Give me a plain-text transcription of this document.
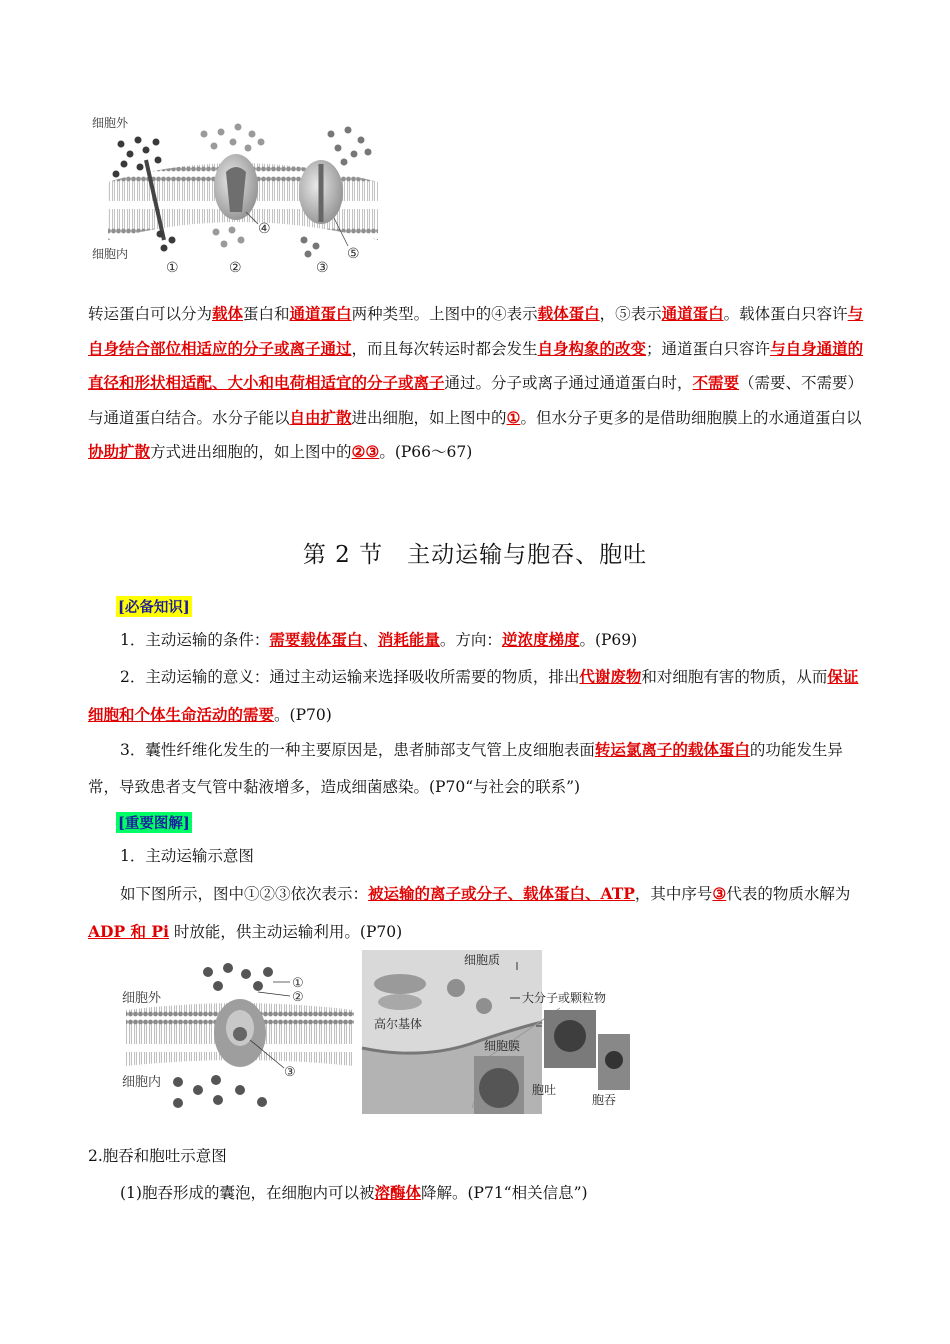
细胞外
细胞内
④
⑤
①	②	③
转运蛋白可以分为载体蛋白和通道蛋白两种类型。上图中的④表示载体蛋白，⑤表示通道蛋白。载体蛋白只容许与自身结合部位相适应的分子或离子通过，而且每次转运时都会发生自身构象的改变；通道蛋白只容许与自身通道的直径和形状相适配、大小和电荷相适宜的分子或离子通过。分子或离子通过通道蛋白时，不需要（需要、不需要）与通道蛋白结合。水分子能以自由扩散进出细胞，如上图中的①。但水分子更多的是借助细胞膜上的水通道蛋白以协助扩散方式进出细胞的，如上图中的②③。(P66～67)
第 2 节　主动运输与胞吞、胞吐
[必备知识]
1．主动运输的条件：需要载体蛋白、消耗能量。方向：逆浓度梯度。(P69)
2．主动运输的意义：通过主动运输来选择吸收所需要的物质，排出代谢废物和对细胞有害的物质，从而保证细胞和个体生命活动的需要。(P70)
3．囊性纤维化发生的一种主要原因是，患者肺部支气管上皮细胞表面转运氯离子的载体蛋白的功能发生异常，导致患者支气管中黏液增多，造成细菌感染。(P70“与社会的联系”)
[重要图解]
1．主动运输示意图
如下图所示，图中①②③依次表示：被运输的离子或分子、载体蛋白、ATP，其中序号③代表的物质水解为ADP 和 Pi 时放能，供主动运输利用。(P70)
细胞外
细胞内
①
②
③
细胞质
高尔基体
大分子或颗粒物
细胞膜
胞吐
胞吞
2.胞吞和胞吐示意图
(1)胞吞形成的囊泡，在细胞内可以被溶酶体降解。(P71“相关信息”)
